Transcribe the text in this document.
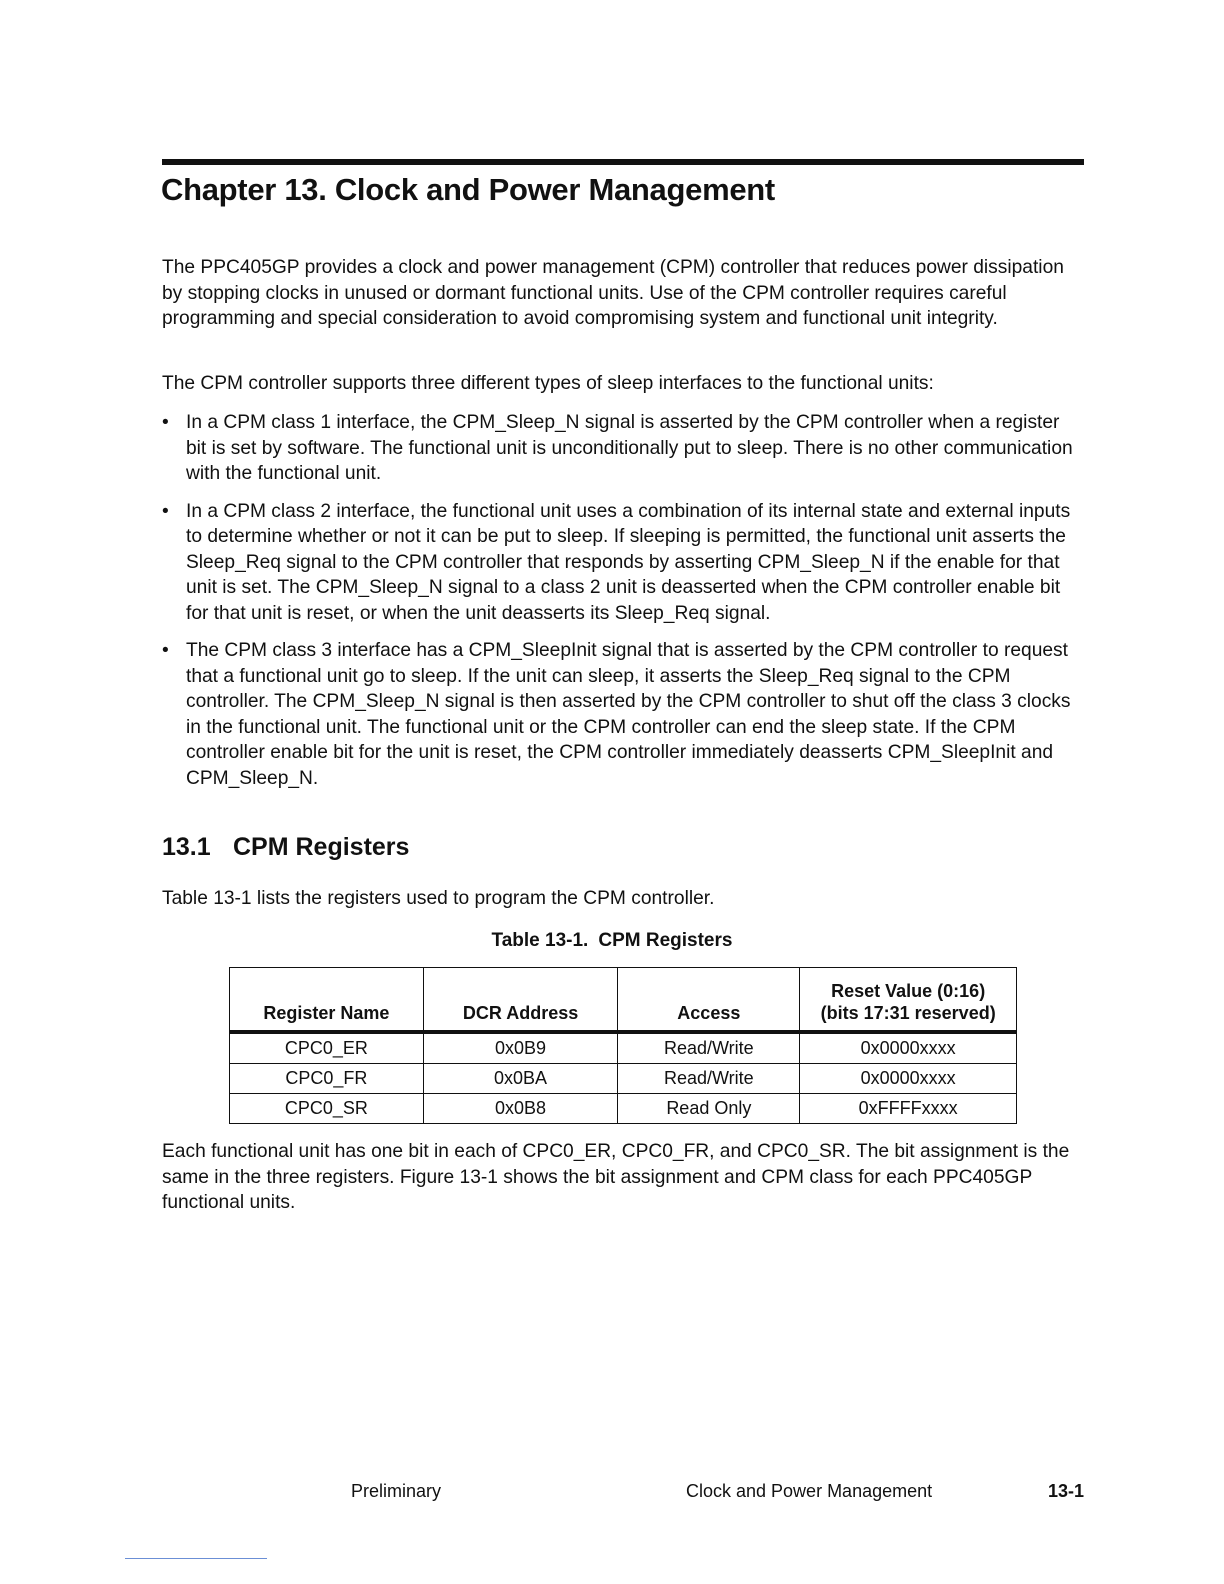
Chapter 13. Clock and Power Management

The PPC405GP provides a clock and power management (CPM) controller that reduces power dissipation by stopping clocks in unused or dormant functional units. Use of the CPM controller requires careful programming and special consideration to avoid compromising system and functional unit integrity.

The CPM controller supports three different types of sleep interfaces to the functional units:

• In a CPM class 1 interface, the CPM_Sleep_N signal is asserted by the CPM controller when a register bit is set by software. The functional unit is unconditionally put to sleep. There is no other communication with the functional unit.
• In a CPM class 2 interface, the functional unit uses a combination of its internal state and external inputs to determine whether or not it can be put to sleep. If sleeping is permitted, the functional unit asserts the Sleep_Req signal to the CPM controller that responds by asserting CPM_Sleep_N if the enable for that unit is set. The CPM_Sleep_N signal to a class 2 unit is deasserted when the CPM controller enable bit for that unit is reset, or when the unit deasserts its Sleep_Req signal.
• The CPM class 3 interface has a CPM_SleepInit signal that is asserted by the CPM controller to request that a functional unit go to sleep. If the unit can sleep, it asserts the Sleep_Req signal to the CPM controller. The CPM_Sleep_N signal is then asserted by the CPM controller to shut off the class 3 clocks in the functional unit. The functional unit or the CPM controller can end the sleep state. If the CPM controller enable bit for the unit is reset, the CPM controller immediately deasserts CPM_SleepInit and CPM_Sleep_N.
13.1 CPM Registers

Table 13-1 lists the registers used to program the CPM controller.

Table 13-1. CPM Registers

Register Name	DCR Address	Access	Reset Value (0:16)
(bits 17:31 reserved)
CPC0_ER	0x0B9	Read/Write	0x0000xxxx
CPC0_FR	0x0BA	Read/Write	0x0000xxxx
CPC0_SR	0x0B8	Read Only	0xFFFFxxxx

Each functional unit has one bit in each of CPC0_ER, CPC0_FR, and CPC0_SR. The bit assignment is the same in the three registers. Figure 13-1 shows the bit assignment and CPM class for each PPC405GP functional units.

Preliminary	Clock and Power Management	13-1
